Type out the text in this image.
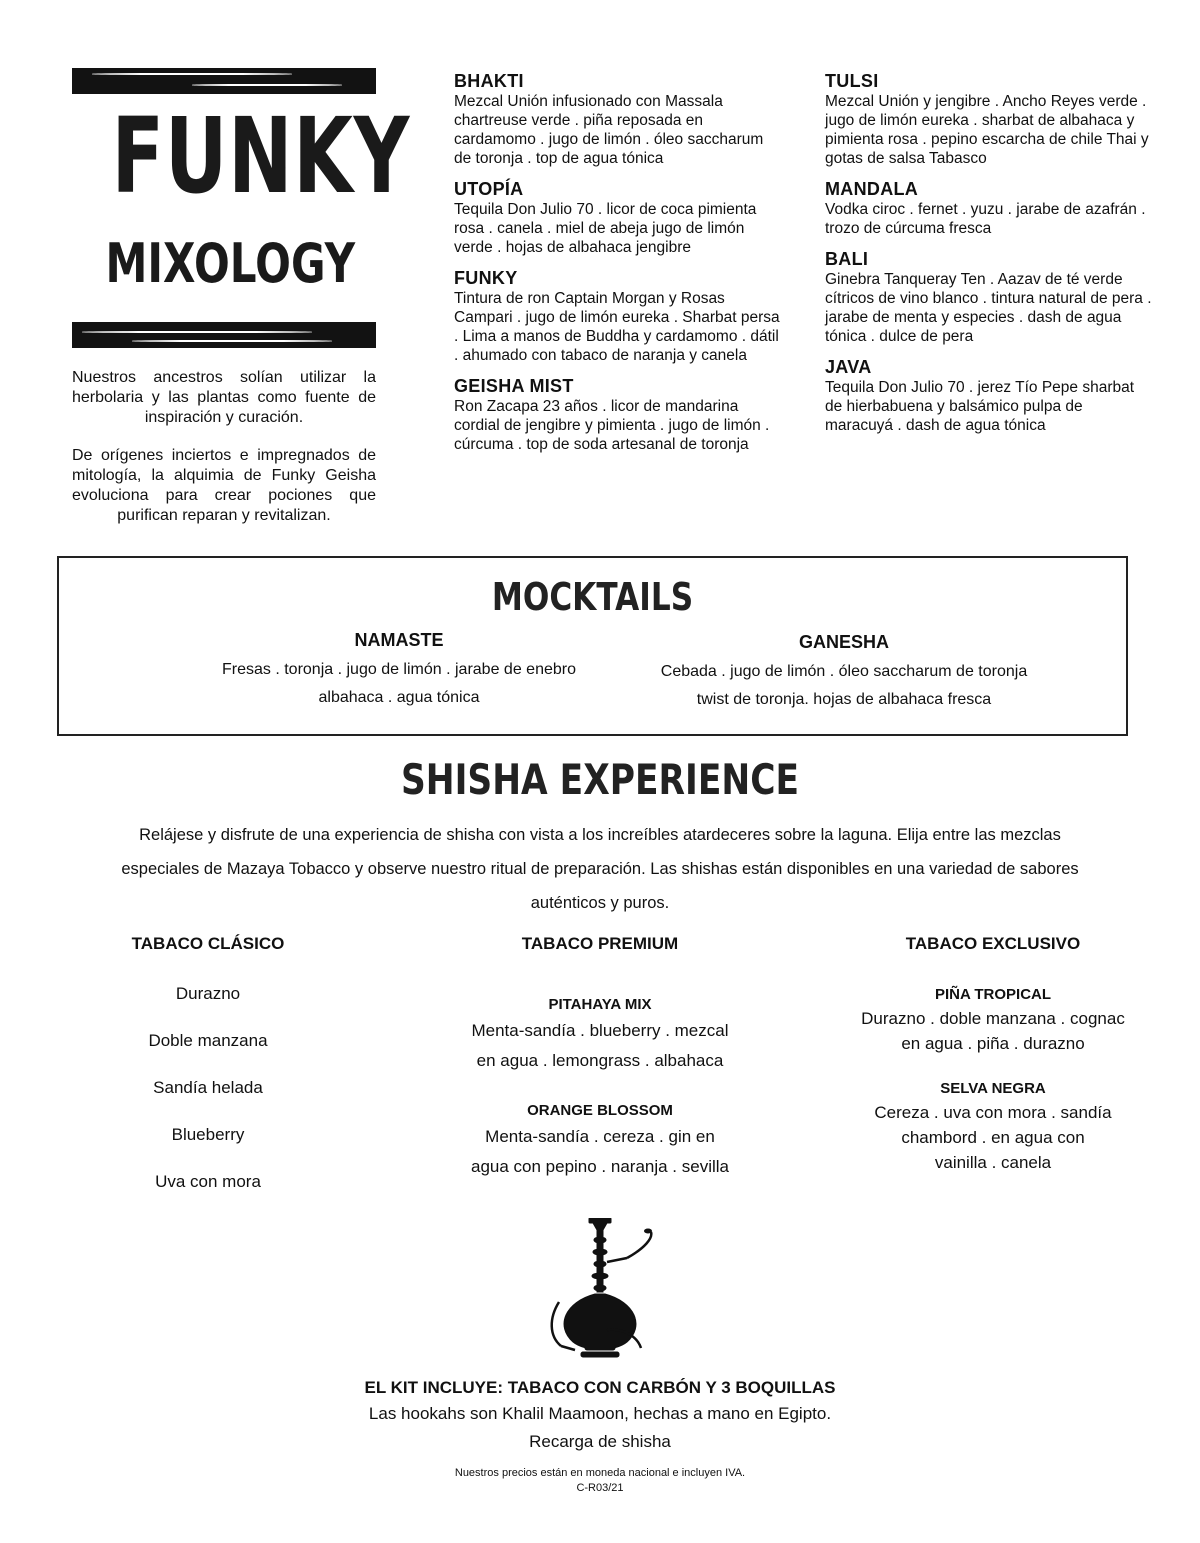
FUNKY
MIXOLOGY

Nuestros ancestros solían utilizar la herbolaria y las plantas como fuente de inspiración y curación.

De orígenes inciertos e impregnados de mitología, la alquimia de Funky Geisha evoluciona para crear pociones que purifican reparan y revitalizan.

BHAKTI
Mezcal Unión infusionado con Massala chartreuse verde . piña reposada en cardamomo . jugo de limón . óleo saccharum de toronja . top de agua tónica
UTOPÍA
Tequila Don Julio 70 . licor de coca pimienta rosa . canela . miel de abeja jugo de limón verde . hojas de albahaca jengibre
FUNKY
Tintura de ron Captain Morgan y Rosas Campari . jugo de limón eureka . Sharbat persa . Lima a manos de Buddha y cardamomo . dátil . ahumado con tabaco de naranja y canela
GEISHA MIST
Ron Zacapa 23 años . licor de mandarina cordial de jengibre y pimienta . jugo de limón . cúrcuma . top de soda artesanal de toronja
TULSI
Mezcal Unión y jengibre . Ancho Reyes verde . jugo de limón eureka . sharbat de albahaca y pimienta rosa . pepino escarcha de chile Thai y gotas de salsa Tabasco
MANDALA
Vodka ciroc . fernet . yuzu . jarabe de azafrán . trozo de cúrcuma fresca
BALI
Ginebra Tanqueray Ten . Aazav de té verde cítricos de vino blanco . tintura natural de pera . jarabe de menta y especies . dash de agua tónica . dulce de pera
JAVA
Tequila Don Julio 70 . jerez Tío Pepe sharbat de hierbabuena y balsámico pulpa de maracuyá . dash de agua tónica
MOCKTAILS
NAMASTE
Fresas . toronja . jugo de limón . jarabe de enebro
albahaca . agua tónica
GANESHA
Cebada . jugo de limón . óleo saccharum de toronja
twist de toronja. hojas de albahaca fresca
SHISHA EXPERIENCE
Relájese y disfrute de una experiencia de shisha con vista a los increíbles atardeceres sobre la laguna. Elija entre las mezclas especiales de Mazaya Tobacco y observe nuestro ritual de preparación. Las shishas están disponibles en una variedad de sabores auténticos y puros.
TABACO CLÁSICO
Durazno
Doble manzana
Sandía helada
Blueberry
Uva con mora
TABACO PREMIUM
PITAHAYA MIX
Menta-sandía . blueberry . mezcal
en agua . lemongrass . albahaca
ORANGE BLOSSOM
Menta-sandía . cereza . gin en
agua con pepino . naranja . sevilla
TABACO EXCLUSIVO
PIÑA TROPICAL
Durazno . doble manzana . cognac
en agua . piña . durazno
SELVA NEGRA
Cereza . uva con mora . sandía
chambord . en agua con
vainilla . canela
EL KIT INCLUYE: TABACO CON CARBÓN Y 3 BOQUILLAS
Las hookahs son Khalil Maamoon, hechas a mano en Egipto.
Recarga de shisha
Nuestros precios están en moneda nacional e incluyen IVA.
C-R03/21
